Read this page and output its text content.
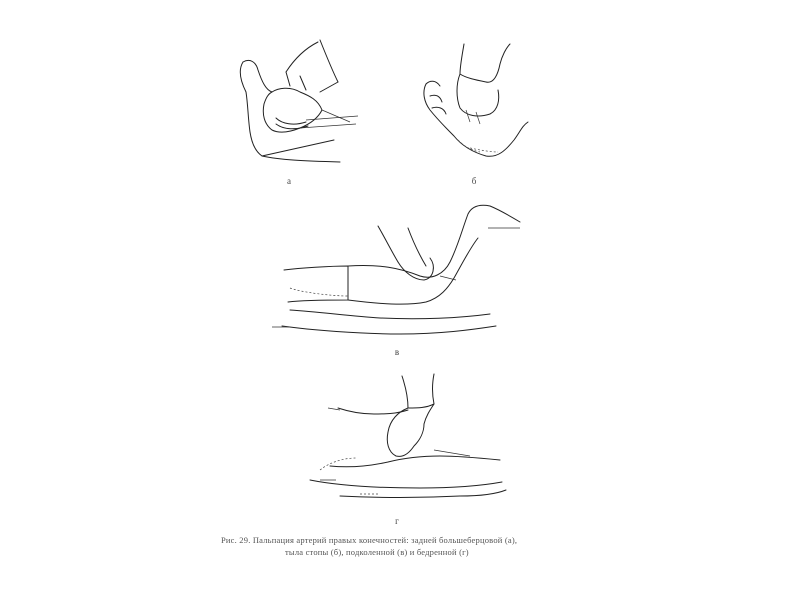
а	б
в
г
Рис. 29. Пальпация артерий правых конечностей: задней большеберцовой (а),
тыла стопы (б), подколенной (в) и бедренной (г)
